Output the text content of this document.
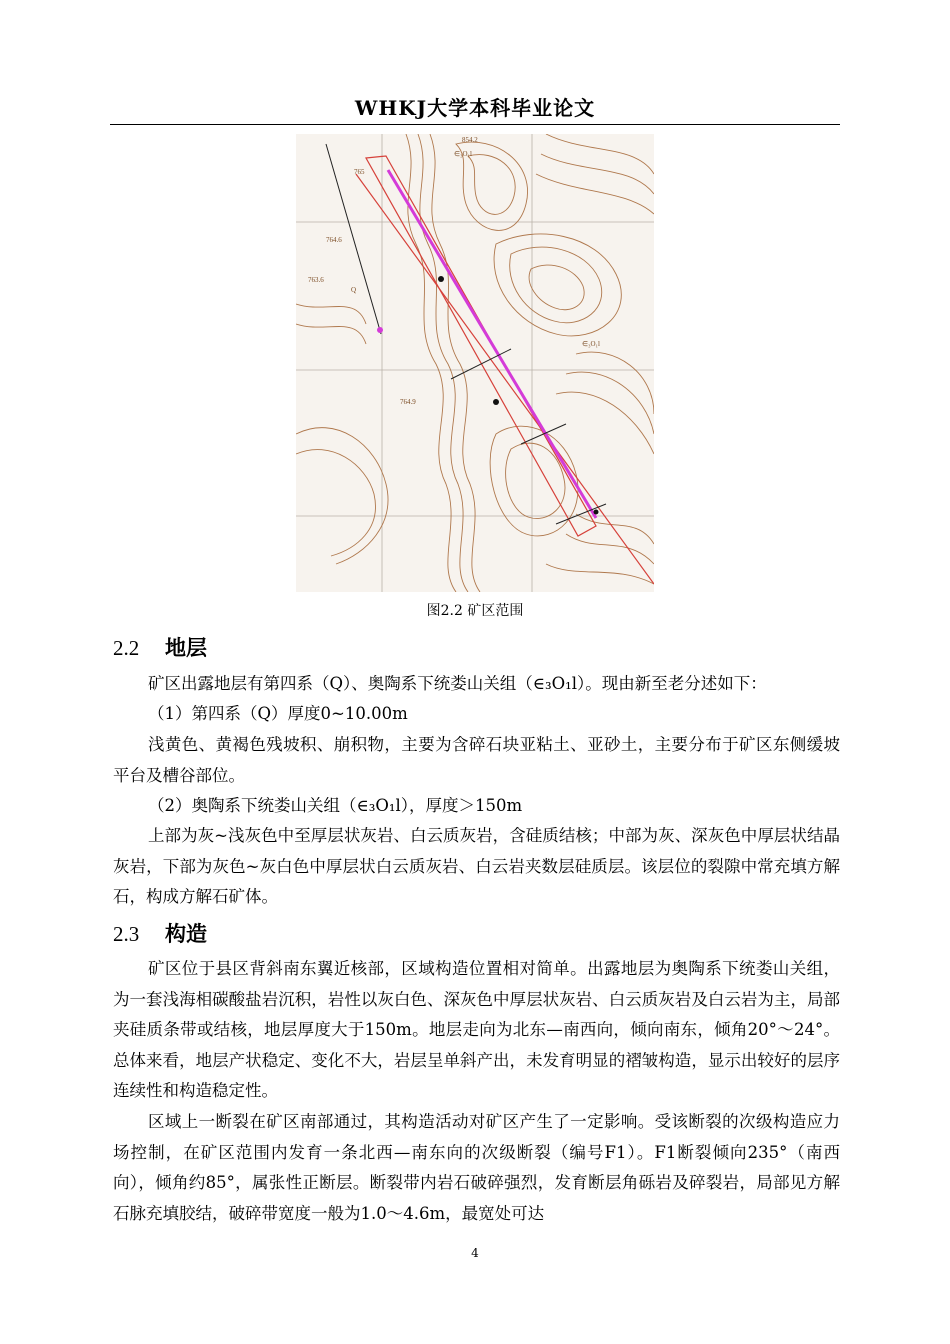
WHKJ大学本科毕业论文
Q
∈₃O₁l
∈₃O₁l
765
764.6
763.6
764.9
854.2
图2.2 矿区范围
2.2 地层
矿区出露地层有第四系（Q）、奥陶系下统娄山关组（∈₃O₁l）。现由新至老分述如下：
（1）第四系（Q）厚度0~10.00m
浅黄色、黄褐色残坡积、崩积物，主要为含碎石块亚粘土、亚砂土，主要分布于矿区东侧缓坡平台及槽谷部位。
（2）奥陶系下统娄山关组（∈₃O₁l），厚度＞150m
上部为灰~浅灰色中至厚层状灰岩、白云质灰岩，含硅质结核；中部为灰、深灰色中厚层状结晶灰岩，下部为灰色~灰白色中厚层状白云质灰岩、白云岩夹数层硅质层。该层位的裂隙中常充填方解石，构成方解石矿体。
2.3 构造
矿区位于县区背斜南东翼近核部，区域构造位置相对简单。出露地层为奥陶系下统娄山关组，为一套浅海相碳酸盐岩沉积，岩性以灰白色、深灰色中厚层状灰岩、白云质灰岩及白云岩为主，局部夹硅质条带或结核，地层厚度大于150m。地层走向为北东—南西向，倾向南东，倾角20°～24°。总体来看，地层产状稳定、变化不大，岩层呈单斜产出，未发育明显的褶皱构造，显示出较好的层序连续性和构造稳定性。
区域上一断裂在矿区南部通过，其构造活动对矿区产生了一定影响。受该断裂的次级构造应力场控制，在矿区范围内发育一条北西—南东向的次级断裂（编号F1）。F1断裂倾向235°（南西向），倾角约85°，属张性正断层。断裂带内岩石破碎强烈，发育断层角砾岩及碎裂岩，局部见方解石脉充填胶结，破碎带宽度一般为1.0～4.6m，最宽处可达
4
